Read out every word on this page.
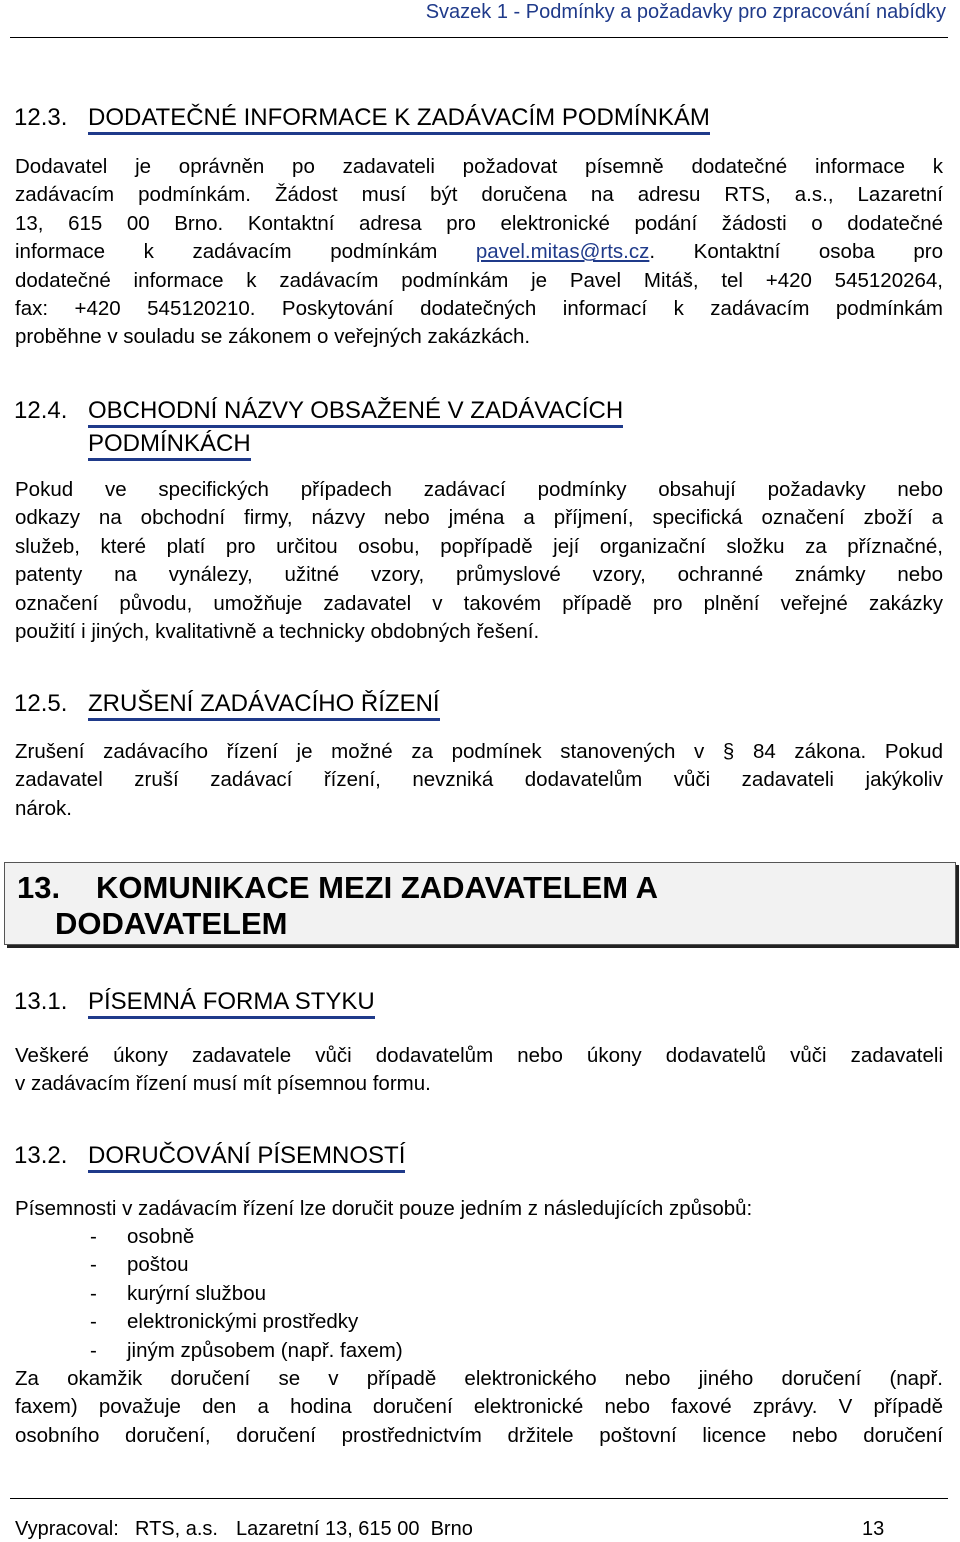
Svazek 1 - Podmínky a požadavky pro zpracování nabídky
12.3. DODATEČNÉ INFORMACE K ZADÁVACÍM PODMÍNKÁM
Dodavatel je oprávněn po zadavateli požadovat písemně dodatečné informace k
zadávacím podmínkám. Žádost musí být doručena na adresu RTS, a.s., Lazaretní
13, 615 00 Brno. Kontaktní adresa pro elektronické podání žádosti o dodatečné
informace k zadávacím podmínkám pavel.mitas@rts.cz. Kontaktní osoba pro
dodatečné informace k zadávacím podmínkám je Pavel Mitáš, tel +420 545120264,
fax: +420 545120210. Poskytování dodatečných informací k zadávacím podmínkám
proběhne v souladu se zákonem o veřejných zakázkách.
12.4. OBCHODNÍ NÁZVY OBSAŽENÉ V ZADÁVACÍCH
PODMÍNKÁCH
Pokud ve specifických případech zadávací podmínky obsahují požadavky nebo
odkazy na obchodní firmy, názvy nebo jména a příjmení, specifická označení zboží a
služeb, které platí pro určitou osobu, popřípadě její organizační složku za příznačné,
patenty na vynálezy, užitné vzory, průmyslové vzory, ochranné známky nebo
označení původu, umožňuje zadavatel v takovém případě pro plnění veřejné zakázky
použití i jiných, kvalitativně a technicky obdobných řešení.
12.5. ZRUŠENÍ ZADÁVACÍHO ŘÍZENÍ
Zrušení zadávacího řízení je možné za podmínek stanovených v § 84 zákona. Pokud
zadavatel zruší zadávací řízení, nevzniká dodavatelům vůči zadavateli jakýkoliv
nárok.
13. KOMUNIKACE MEZI ZADAVATELEM A
DODAVATELEM
13.1. PÍSEMNÁ FORMA STYKU
Veškeré úkony zadavatele vůči dodavatelům nebo úkony dodavatelů vůči zadavateli
v zadávacím řízení musí mít písemnou formu.
13.2. DORUČOVÁNÍ PÍSEMNOSTÍ
Písemnosti v zadávacím řízení lze doručit pouze jedním z následujících způsobů:
- osobně
- poštou
- kurýrní službou
- elektronickými prostředky
- jiným způsobem (např. faxem)
Za okamžik doručení se v případě elektronického nebo jiného doručení (např.
faxem) považuje den a hodina doručení elektronické nebo faxové zprávy. V případě
osobního doručení, doručení prostřednictvím držitele poštovní licence nebo doručení
Vypracoval: RTS, a.s. Lazaretní 13, 615 00  Brno	13
